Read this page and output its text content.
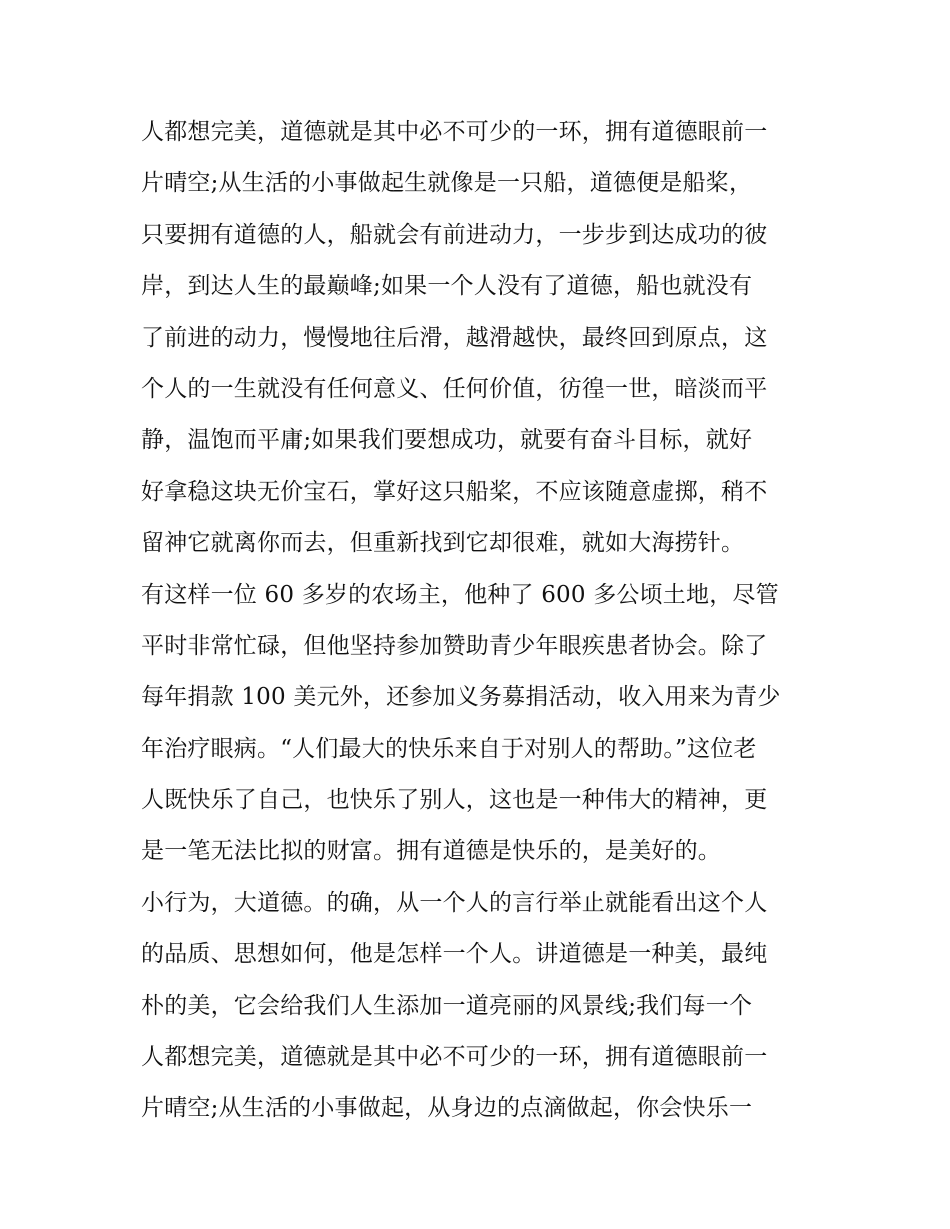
人都想完美，道德就是其中必不可少的一环，拥有道德眼前一
片晴空;从生活的小事做起生就像是一只船，道德便是船桨，
只要拥有道德的人，船就会有前进动力，一步步到达成功的彼
岸，到达人生的最巅峰;如果一个人没有了道德，船也就没有
了前进的动力，慢慢地往后滑，越滑越快，最终回到原点，这
个人的一生就没有任何意义、任何价值，彷徨一世，暗淡而平
静，温饱而平庸;如果我们要想成功，就要有奋斗目标，就好
好拿稳这块无价宝石，掌好这只船桨，不应该随意虚掷，稍不
留神它就离你而去，但重新找到它却很难，就如大海捞针。
有这样一位 60 多岁的农场主，他种了 600 多公顷土地，尽管
平时非常忙碌，但他坚持参加赞助青少年眼疾患者协会。除了
每年捐款 100 美元外，还参加义务募捐活动，收入用来为青少
年治疗眼病。“人们最大的快乐来自于对别人的帮助。”这位老
人既快乐了自己，也快乐了别人，这也是一种伟大的精神，更
是一笔无法比拟的财富。拥有道德是快乐的，是美好的。
小行为，大道德。的确，从一个人的言行举止就能看出这个人
的品质、思想如何，他是怎样一个人。讲道德是一种美，最纯
朴的美，它会给我们人生添加一道亮丽的风景线;我们每一个
人都想完美，道德就是其中必不可少的一环，拥有道德眼前一
片晴空;从生活的小事做起，从身边的点滴做起，你会快乐一
